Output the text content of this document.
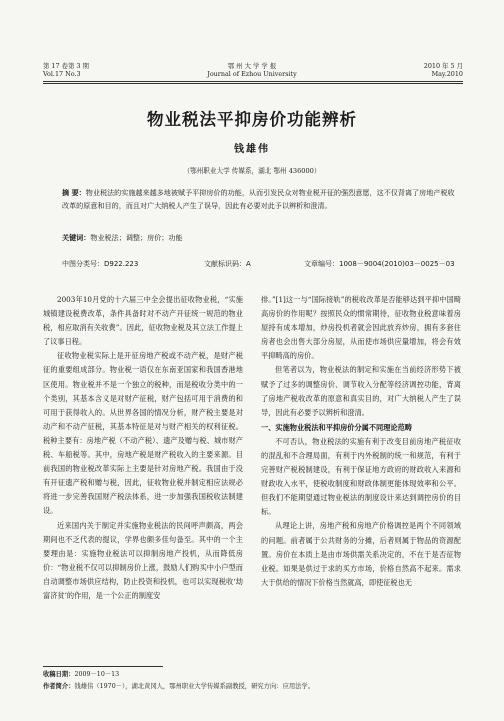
第 17 卷第 3 期
Vol.17 No.3
鄂 州 大 学 学 报
Journal of Ezhou University
2010 年 5 月
May.2010
物业税法平抑房价功能辨析
钱雄伟
（鄂州职业大学 传媒系，湖北 鄂州 436000）
摘 要：物业税法的实施越来越多地被赋予平抑房价的功能，从而引发民众对物业税开征的强烈意愿，这不仅背离了房地产税收改革的原意和目的，而且对广大纳税人产生了误导，因此有必要对此予以辨析和澄清。
关键词：物业税法；调整；房价；功能
中图分类号：D922.223	文献标识码：A	文章编号：1008－9004(2010)03－0025－03

2003年10月党的十六届三中全会提出征收物业税，“实施城镇建设税费改革，条件具备时对不动产开征统一规范的物业税，相应取消有关收费”。因此，征收物业税及其立法工作提上了议事日程。

征收物业税实际上是开征房地产税或不动产税，是财产税征的重要组成部分。物业税一语仅在东南亚国家和我国香港地区使用。物业税并不是一个独立的税种，而是税收分类中的一个类别，其基本含义是对财产征税，财产包括可用于消费的和可用于获得收入的。从世界各国的情况分析，财产税主要是对动产和不动产征税，其基本特征是对与财产相关的权利征税。税种主要有：房地产税（不动产税）、遗产及赠与税、城市财产税、车船税等。其中，房地产税是财产税收入的主要来源。目前我国的物业税改革实际上主要是针对房地产税。我国由于没有开征遗产税和赠与税，因此，征收物业税并制定相应法规必将进一步完善我国财产税法体系，进一步加强我国税收法制建设。

近来国内关于制定并实施物业税法的民间呼声颇高，两会期间也不乏代表的提议，学界也颇多佳句备至。其中的一个主要理由是：实施物业税法可以抑制房地产投机，从而降低房价：“物业税不仅可以抑制房价上涨，鼓励人们购买中小户型而自动调整市场供应结构，防止投资和投机，也可以实现税收‘劫富济贫’的作用，是一个公正的制度安

排。”[1]这一与“国际接轨”的税收改革是否能够达到平抑中国畸高房价的作用呢？按照民众的惯常期待，征收物业税意味着房屋持有成本增加，炒房投机者就会因此放弃炒房，拥有多套住房者也会出售大部分房屋，从而使市场供应量增加，将会有效平抑畸高的房价。

但笔者以为，物业税法的制定和实施在当前经济形势下被赋予了过多的调整房价、调节收入分配等经济调控功能，背离了房地产税收改革的原意和真实目的，对广大纳税人产生了误导，因此有必要予以辨析和澄清。

一、实施物业税法和平抑房价分属不同理论范畴

不可否认，物业税法的实施有利于改变目前房地产税征收的混乱和不合理局面，有利于内外税制的统一和规范，有利于完善财产税税制建设，有利于保证地方政府的财政收入来源和财政收入水平，使税收制度和财政体制更能体现效率和公平。但我们不能期望通过物业税法的制度设计来达到调控房价的目标。

从理论上讲，房地产税和房地产价格调控是两个不同领域的问题。前者属于公共财务的分摊，后者则属于物品的资源配置。房价在本质上是由市场供需关系决定的，不在于是否征物业税。如果是供过于求的买方市场，价格自然高不起来。需求大于供给的情况下价格当然就高，即使征税也无

收稿日期：2009－10－13
作者简介：钱雄伟（1970－），湖北黄冈人，鄂州职业大学传媒系副教授，研究方向：应用法学。
